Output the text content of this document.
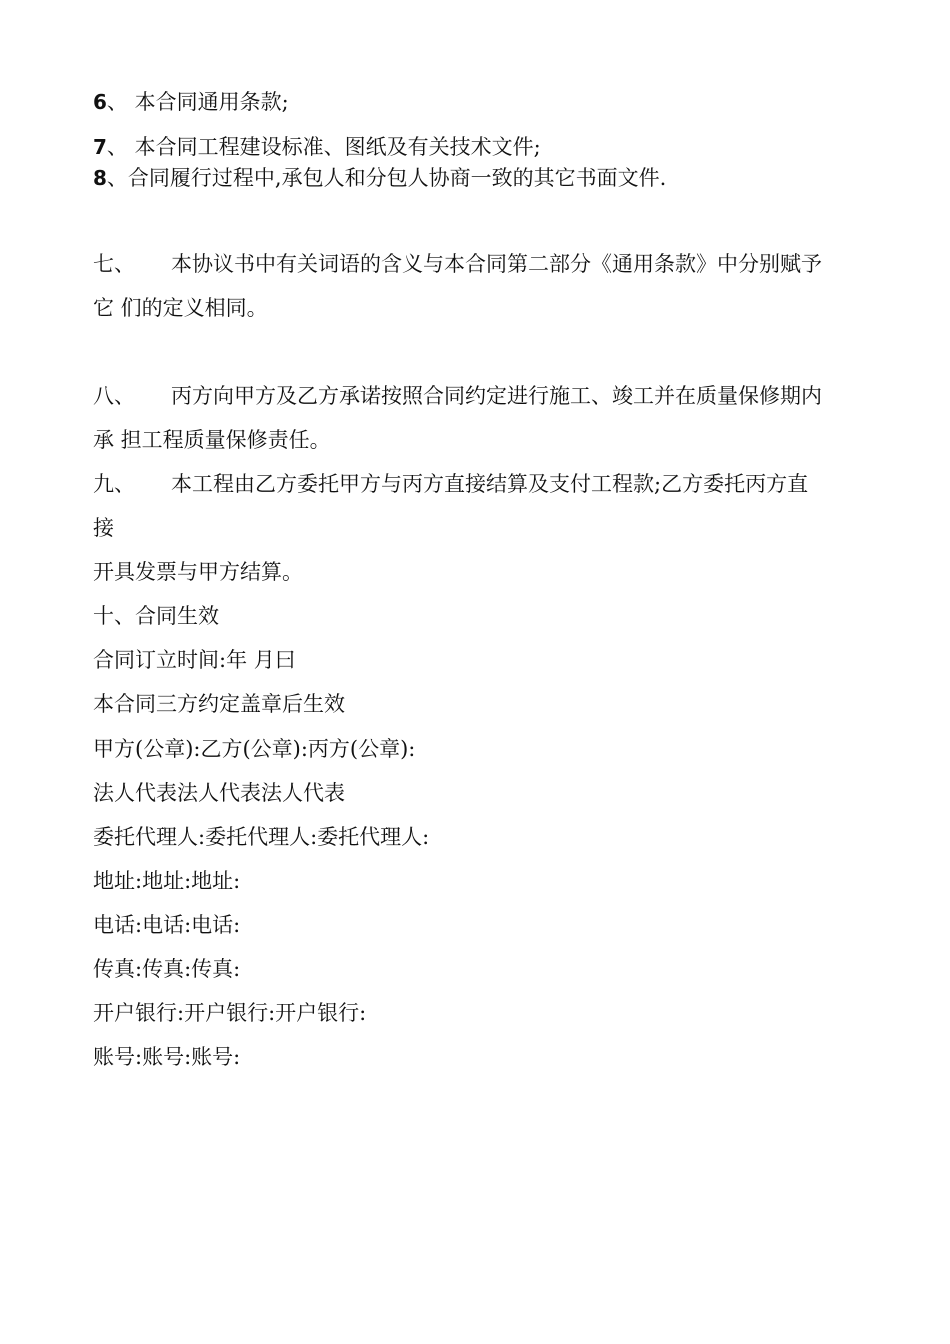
6、 本合同通用条款;
7、 本合同工程建设标准、图纸及有关技术文件;
8、合同履行过程中,承包人和分包人协商一致的其它书面文件.
七、 本协议书中有关词语的含义与本合同第二部分《通用条款》中分别赋予
它 们的定义相同。
八、 丙方向甲方及乙方承诺按照合同约定进行施工、竣工并在质量保修期内
承 担工程质量保修责任。
九、 本工程由乙方委托甲方与丙方直接结算及支付工程款;乙方委托丙方直
接
开具发票与甲方结算。
十、合同生效
合同订立时间:年 月曰
本合同三方约定盖章后生效
甲方(公章):乙方(公章):丙方(公章):
法人代表法人代表法人代表
委托代理人:委托代理人:委托代理人:
地址:地址:地址:
电话:电话:电话:
传真:传真:传真:
开户银行:开户银行:开户银行:
账号:账号:账号:
